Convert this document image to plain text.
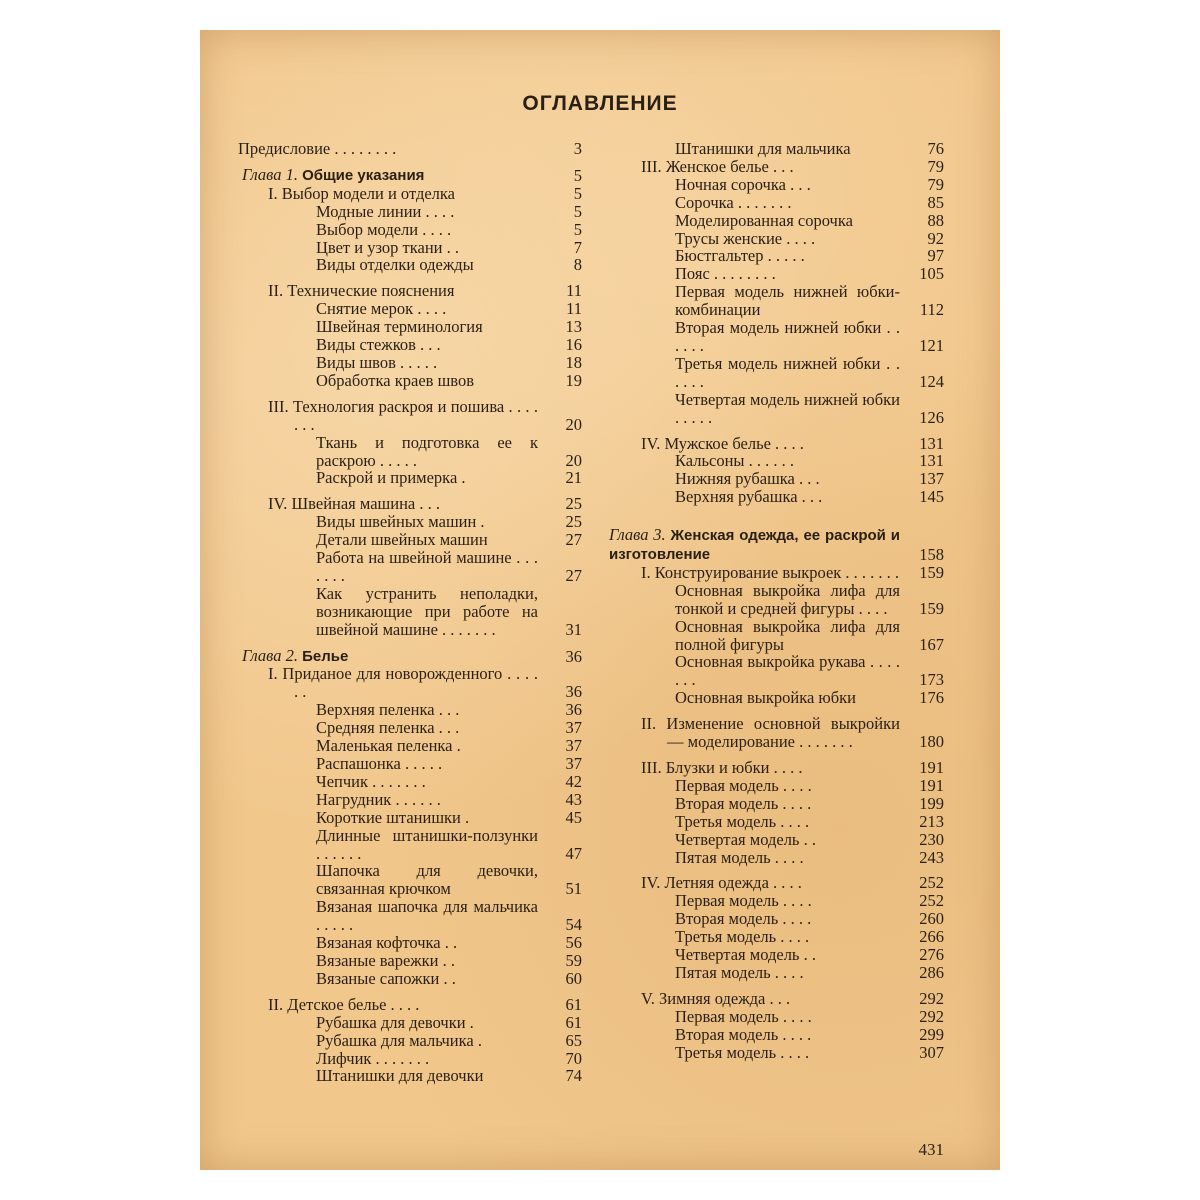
ОГЛАВЛЕНИЕ
Предисловие . . . . . . . .	3
Глава 1. Общие указания	5
I. Выбор модели и отделка	5
Модные линии . . . .	5
Выбор модели . . . .	5
Цвет и узор ткани . .	7
Виды отделки одежды	8
II. Технические пояснения	11
Снятие мерок . . . .	11
Швейная терминология	13
Виды стежков . . .	16
Виды швов . . . . .	18
Обработка краев швов	19
III. Технология раскроя и пошива . . . . . . .	20
Ткань и подготовка ее к раскрою . . . . .	20
Раскрой и примерка .	21
IV. Швейная машина . . .	25
Виды швейных машин .	25
Детали швейных машин	27
Работа на швейной машине . . . . . . .	27
Как устранить неполадки, возникающие при работе на швейной машине . . . . . . .	31
Глава 2. Белье	36
I. Приданое для новорожденного . . . . . .	36
Верхняя пеленка . . .	36
Средняя пеленка . . .	37
Маленькая пеленка .	37
Распашонка . . . . .	37
Чепчик . . . . . . .	42
Нагрудник . . . . . .	43
Короткие штанишки .	45
Длинные штанишки-ползунки . . . . . .	47
Шапочка для девочки, связанная крючком	51
Вязаная шапочка для мальчика . . . . .	54
Вязаная кофточка . .	56
Вязаные варежки . .	59
Вязаные сапожки . .	60
II. Детское белье . . . .	61
Рубашка для девочки .	61
Рубашка для мальчика .	65
Лифчик . . . . . . .	70
Штанишки для девочки	74
Штанишки для мальчика	76
III. Женское белье . . .	79
Ночная сорочка . . .	79
Сорочка . . . . . . .	85
Моделированная сорочка	88
Трусы женские . . . .	92
Бюстгальтер . . . . .	97
Пояс . . . . . . . .	105
Первая модель нижней юбки-комбинации	112
Вторая модель нижней юбки . . . . . .	121
Третья модель нижней юбки . . . . . .	124
Четвертая модель нижней юбки . . . . .	126
IV. Мужское белье . . . .	131
Кальсоны . . . . . .	131
Нижняя рубашка . . .	137
Верхняя рубашка . . .	145
Глава 3. Женская одежда, ее раскрой и изготовление	158
I. Конструирование выкроек . . . . . . .	159
Основная выкройка лифа для тонкой и средней фигуры . . . .	159
Основная выкройка лифа для полной фигуры	167
Основная выкройка рукава . . . . . . .	173
Основная выкройка юбки	176
II. Изменение основной выкройки — моделирование . . . . . . .	180
III. Блузки и юбки . . . .	191
Первая модель . . . .	191
Вторая модель . . . .	199
Третья модель . . . .	213
Четвертая модель . .	230
Пятая модель . . . .	243
IV. Летняя одежда . . . .	252
Первая модель . . . .	252
Вторая модель . . . .	260
Третья модель . . . .	266
Четвертая модель . .	276
Пятая модель . . . .	286
V. Зимняя одежда . . .	292
Первая модель . . . .	292
Вторая модель . . . .	299
Третья модель . . . .	307
431
